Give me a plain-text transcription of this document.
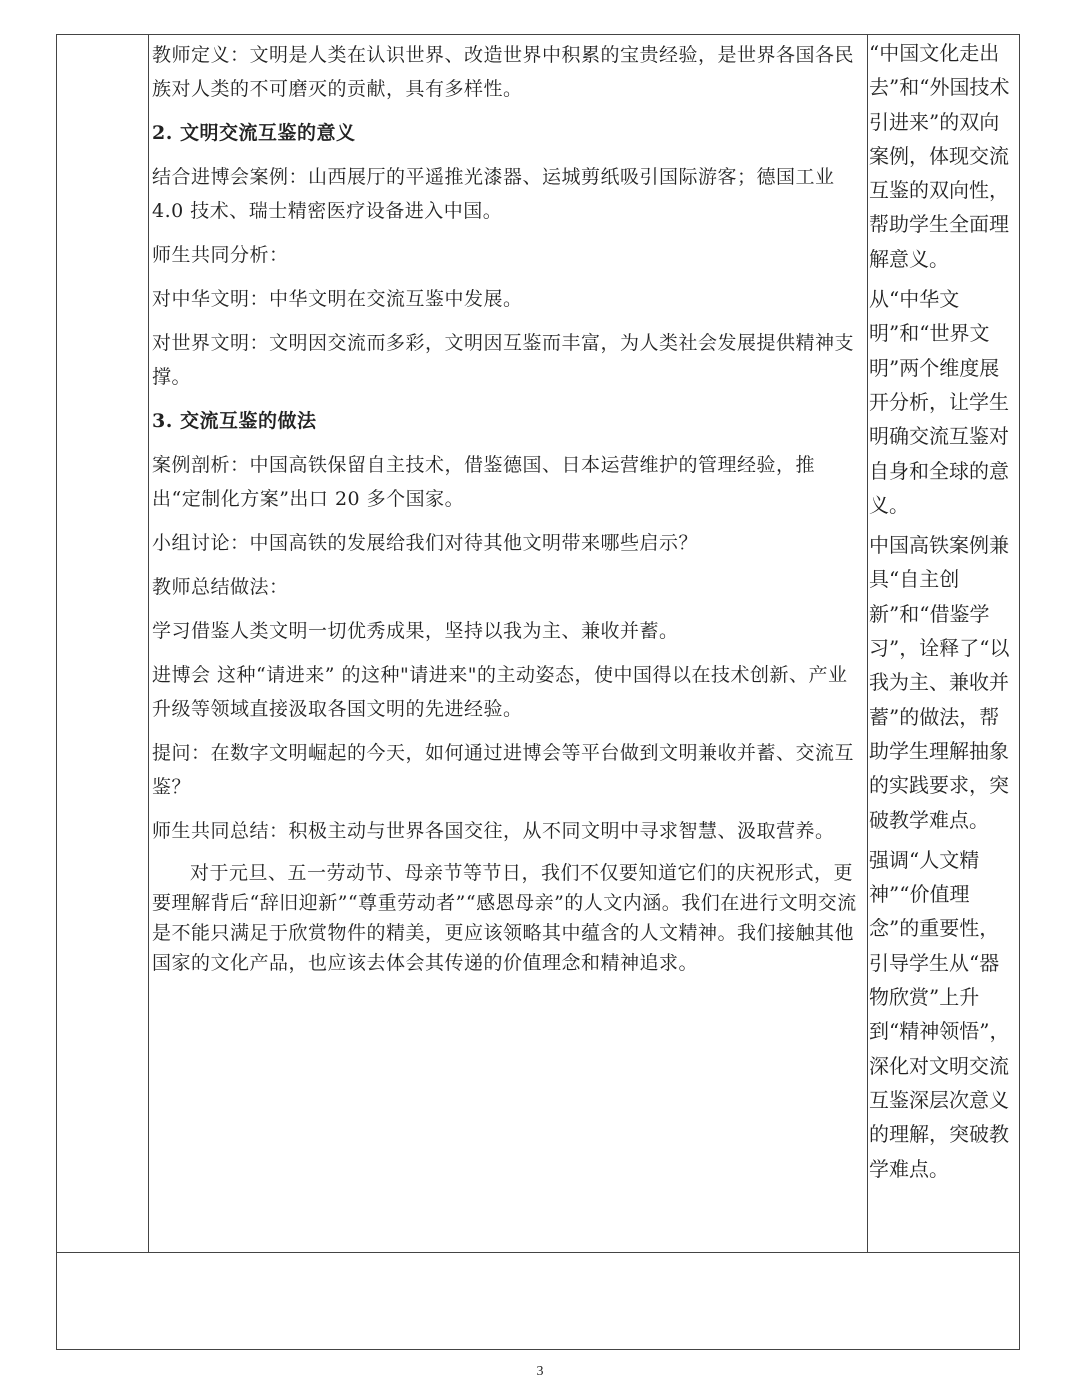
教师定义：文明是人类在认识世界、改造世界中积累的宝贵经验，是世界各国各民族对人类的不可磨灭的贡献，具有多样性。

2. 文明交流互鉴的意义

结合进博会案例：山西展厅的平遥推光漆器、运城剪纸吸引国际游客；德国工业 4.0 技术、瑞士精密医疗设备进入中国。

师生共同分析：

对中华文明：中华文明在交流互鉴中发展。

对世界文明：文明因交流而多彩，文明因互鉴而丰富，为人类社会发展提供精神支撑。

3. 交流互鉴的做法

案例剖析：中国高铁保留自主技术，借鉴德国、日本运营维护的管理经验，推出“定制化方案”出口 20 多个国家。

小组讨论：中国高铁的发展给我们对待其他文明带来哪些启示？

教师总结做法：

学习借鉴人类文明一切优秀成果，坚持以我为主、兼收并蓄。

进博会 这种“请进来” 的这种"请进来"的主动姿态，使中国得以在技术创新、产业升级等领域直接汲取各国文明的先进经验。

提问：在数字文明崛起的今天，如何通过进博会等平台做到文明兼收并蓄、交流互鉴？

师生共同总结：积极主动与世界各国交往，从不同文明中寻求智慧、汲取营养。

对于元旦、五一劳动节、母亲节等节日，我们不仅要知道它们的庆祝形式，更要理解背后“辞旧迎新”“尊重劳动者”“感恩母亲”的人文内涵。我们在进行文明交流是不能只满足于欣赏物件的精美，更应该领略其中蕴含的人文精神。我们接触其他国家的文化产品，也应该去体会其传递的价值理念和精神追求。

“中国文化走出去”和“外国技术引进来”的双向案例，体现交流互鉴的双向性，帮助学生全面理解意义。

从“中华文明”和“世界文明”两个维度展开分析，让学生明确交流互鉴对自身和全球的意义。

中国高铁案例兼具“自主创新”和“借鉴学习”，诠释了“以我为主、兼收并蓄”的做法，帮助学生理解抽象的实践要求，突破教学难点。

强调“人文精神”“价值理念”的重要性，引导学生从“器物欣赏”上升到“精神领悟”，深化对文明交流互鉴深层次意义的理解，突破教学难点。

3
